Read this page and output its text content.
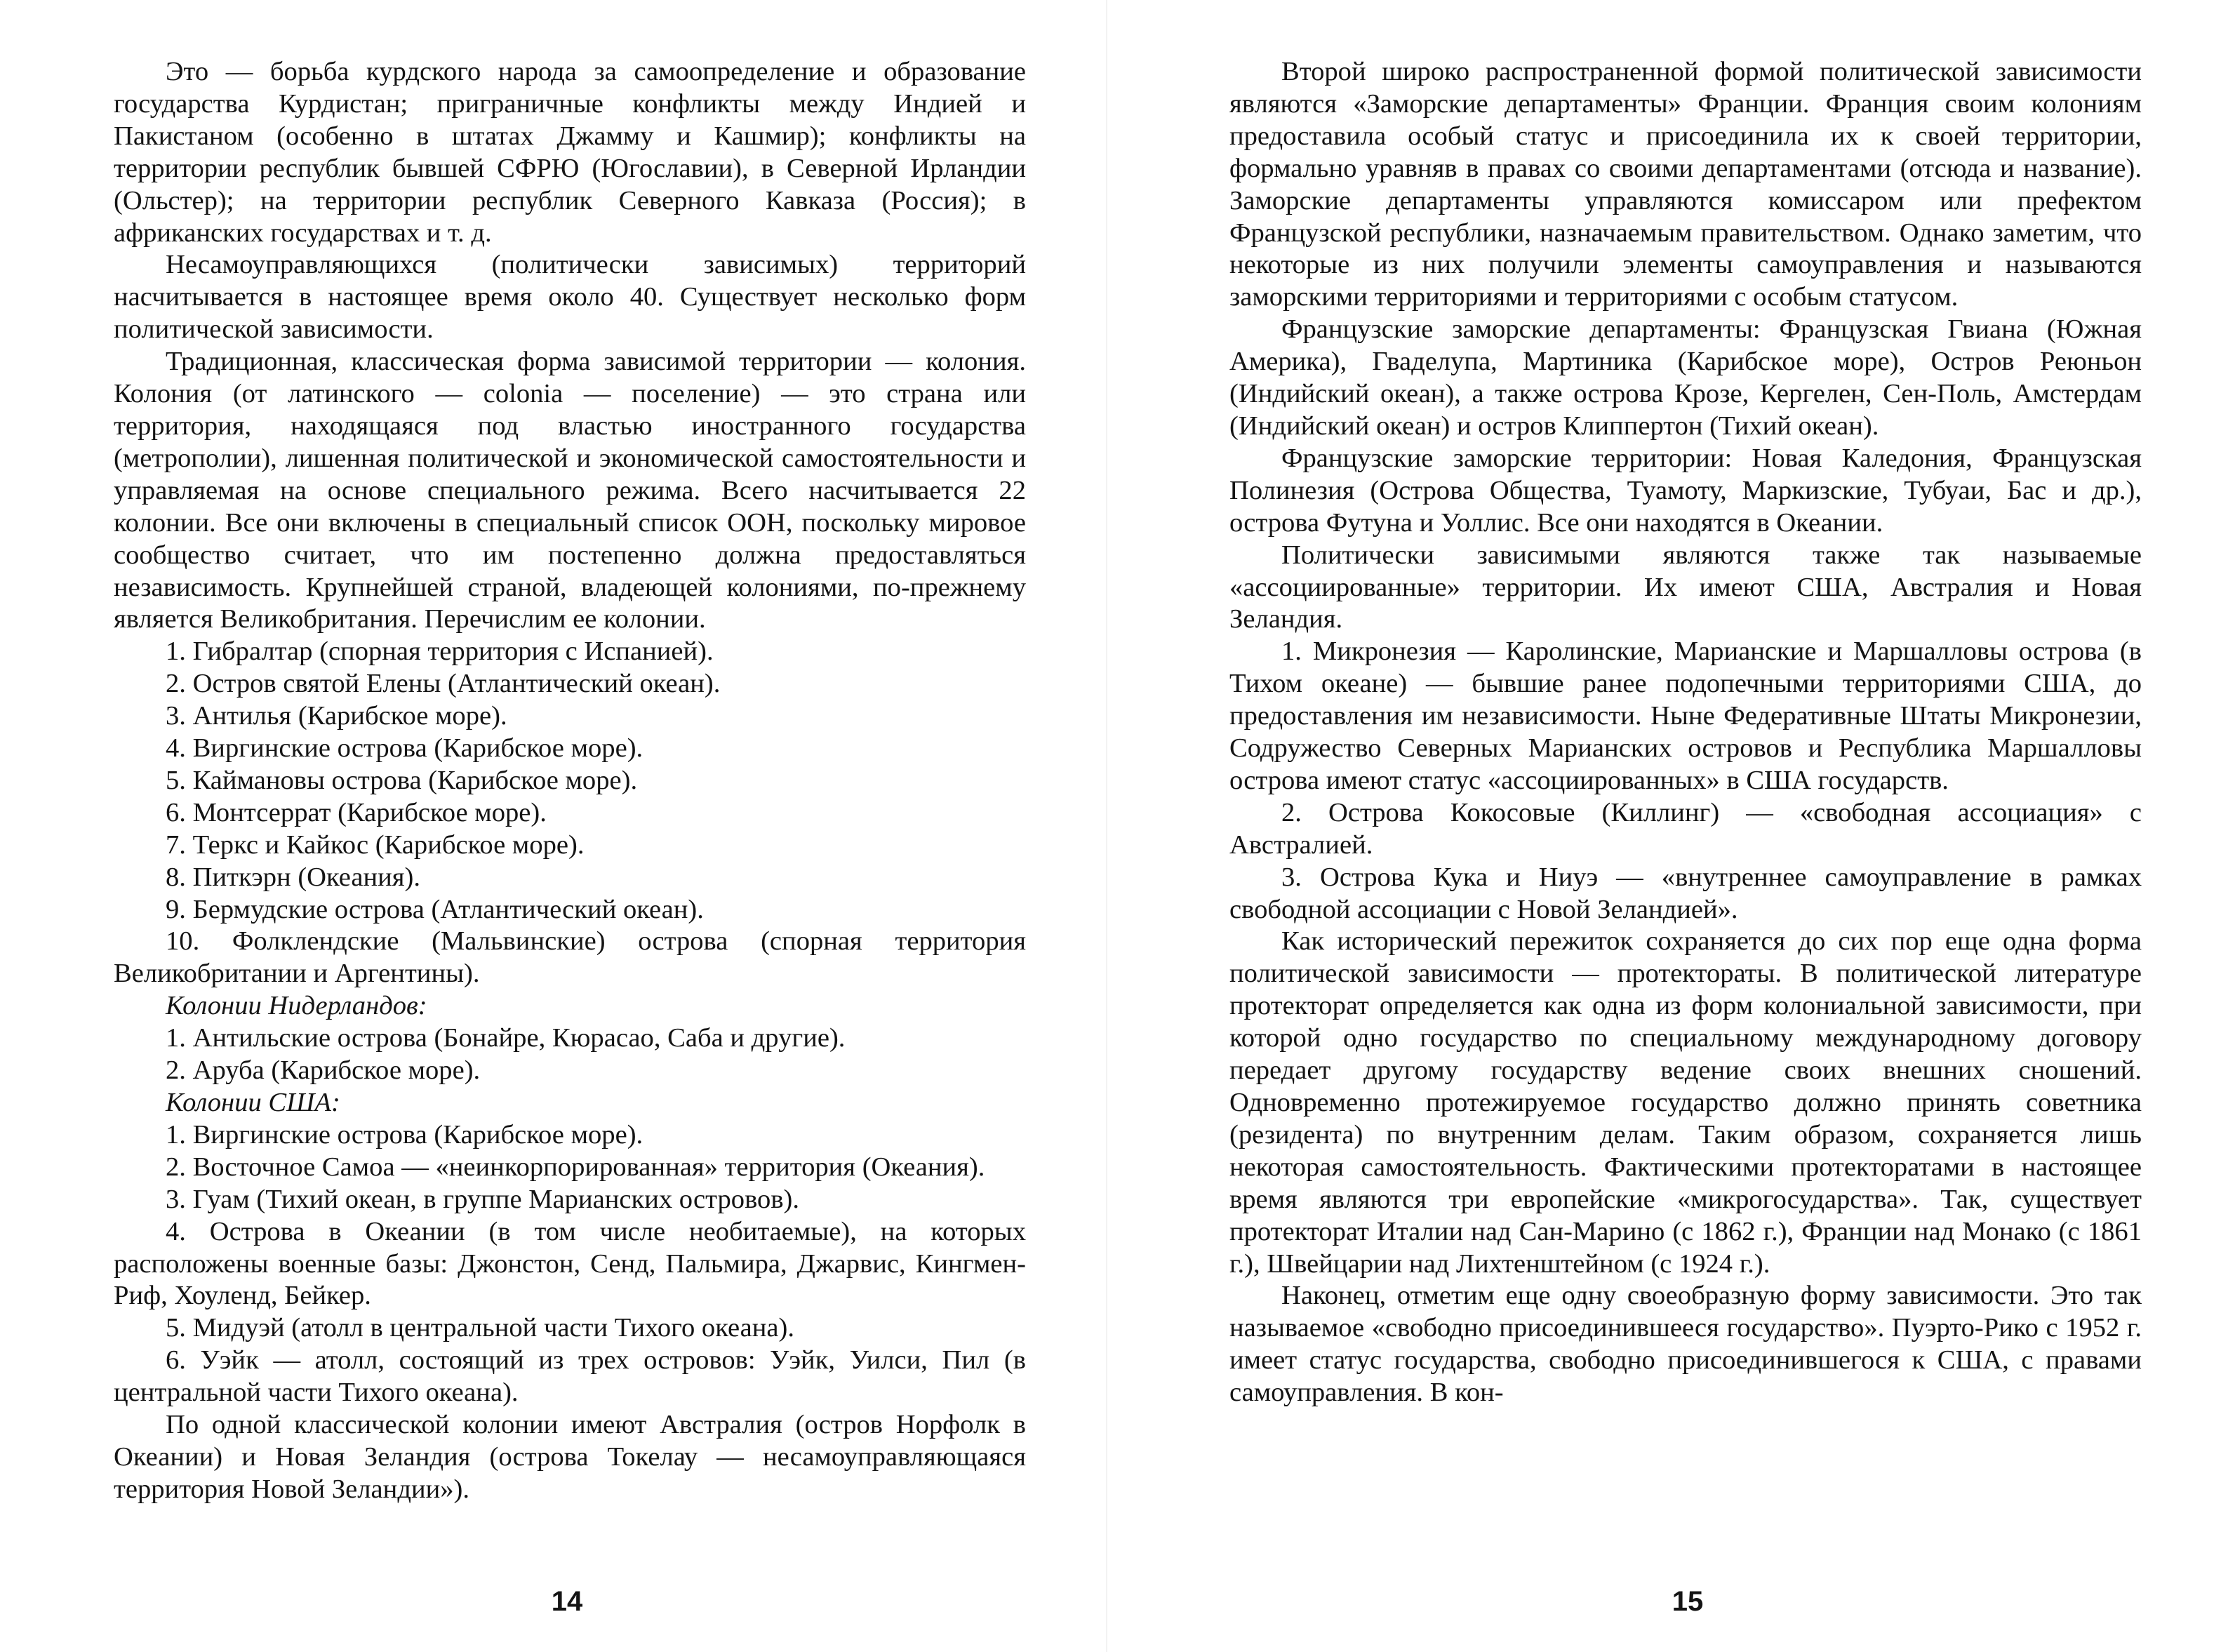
Это — борьба курдского народа за самоопределение и образование государства Курдистан; приграничные конфликты между Индией и Пакистаном (особенно в штатах Джамму и Кашмир); конфликты на территории республик бывшей СФРЮ (Югославии), в Северной Ирландии (Ольстер); на территории республик Северного Кавказа (Россия); в африканских государствах и т. д.

Несамоуправляющихся (политически зависимых) территорий насчитывается в настоящее время около 40. Существует несколько форм политической зависимости.

Традиционная, классическая форма зависимой территории — колония. Колония (от латинского — colonia — поселение) — это страна или территория, находящаяся под властью иностранного государства (метрополии), лишенная политической и экономической самостоятельности и управляемая на основе специального режима. Всего насчитывается 22 колонии. Все они включены в специальный список ООН, поскольку мировое сообщество считает, что им постепенно должна предоставляться независимость. Крупнейшей страной, владеющей колониями, по-прежнему является Великобритания. Перечислим ее колонии.

1. Гибралтар (спорная территория с Испанией).

2. Остров святой Елены (Атлантический океан).

3. Антилья (Карибское море).

4. Виргинские острова (Карибское море).

5. Каймановы острова (Карибское море).

6. Монтсеррат (Карибское море).

7. Теркс и Кайкос (Карибское море).

8. Питкэрн (Океания).

9. Бермудские острова (Атлантический океан).

10. Фолклендские (Мальвинские) острова (спорная территория Великобритании и Аргентины).

Колонии Нидерландов:

1. Антильские острова (Бонайре, Кюрасао, Саба и другие).

2. Аруба (Карибское море).

Колонии США:

1. Виргинские острова (Карибское море).

2. Восточное Самоа — «неинкорпорированная» территория (Океания).

3. Гуам (Тихий океан, в группе Марианских островов).

4. Острова в Океании (в том числе необитаемые), на которых расположены военные базы: Джонстон, Сенд, Пальмира, Джарвис, Кингмен-Риф, Хоуленд, Бейкер.

5. Мидуэй (атолл в центральной части Тихого океана).

6. Уэйк — атолл, состоящий из трех островов: Уэйк, Уилси, Пил (в центральной части Тихого океана).

По одной классической колонии имеют Австралия (остров Норфолк в Океании) и Новая Зеландия (острова Токелау — несамоуправляющаяся территория Новой Зеландии»).

Второй широко распространенной формой политической зависимости являются «Заморские департаменты» Франции. Франция своим колониям предоставила особый статус и присоединила их к своей территории, формально уравняв в правах со своими департаментами (отсюда и название). Заморские департаменты управляются комиссаром или префектом Французской республики, назначаемым правительством. Однако заметим, что некоторые из них получили элементы самоуправления и называются заморскими территориями и территориями с особым статусом.

Французские заморские департаменты: Французская Гвиана (Южная Америка), Гваделупа, Мартиника (Карибское море), Остров Реюньон (Индийский океан), а также острова Крозе, Кергелен, Сен-Поль, Амстердам (Индийский океан) и остров Клиппертон (Тихий океан).

Французские заморские территории: Новая Каледония, Французская Полинезия (Острова Общества, Туамоту, Маркизские, Тубуаи, Бас и др.), острова Футуна и Уоллис. Все они находятся в Океании.

Политически зависимыми являются также так называемые «ассоциированные» территории. Их имеют США, Австралия и Новая Зеландия.

1. Микронезия — Каролинские, Марианские и Маршалловы острова (в Тихом океане) — бывшие ранее подопечными территориями США, до предоставления им независимости. Ныне Федеративные Штаты Микронезии, Содружество Северных Марианских островов и Республика Маршалловы острова имеют статус «ассоциированных» в США государств.

2. Острова Кокосовые (Киллинг) — «свободная ассоциация» с Австралией.

3. Острова Кука и Ниуэ — «внутреннее самоуправление в рамках свободной ассоциации с Новой Зеландией».

Как исторический пережиток сохраняется до сих пор еще одна форма политической зависимости — протектораты. В политической литературе протекторат определяется как одна из форм колониальной зависимости, при которой одно государство по специальному международному договору передает другому государству ведение своих внешних сношений. Одновременно протежируемое государство должно принять советника (резидента) по внутренним делам. Таким образом, сохраняется лишь некоторая самостоятельность. Фактическими протекторатами в настоящее время являются три европейские «микрогосударства». Так, существует протекторат Италии над Сан-Марино (с 1862 г.), Франции над Монако (с 1861 г.), Швейцарии над Лихтенштейном (с 1924 г.).

Наконец, отметим еще одну своеобразную форму зависимости. Это так называемое «свободно присоединившееся государство». Пуэрто-Рико с 1952 г. имеет статус государства, свободно присоединившегося к США, с правами самоуправления. В кон-

14	15
